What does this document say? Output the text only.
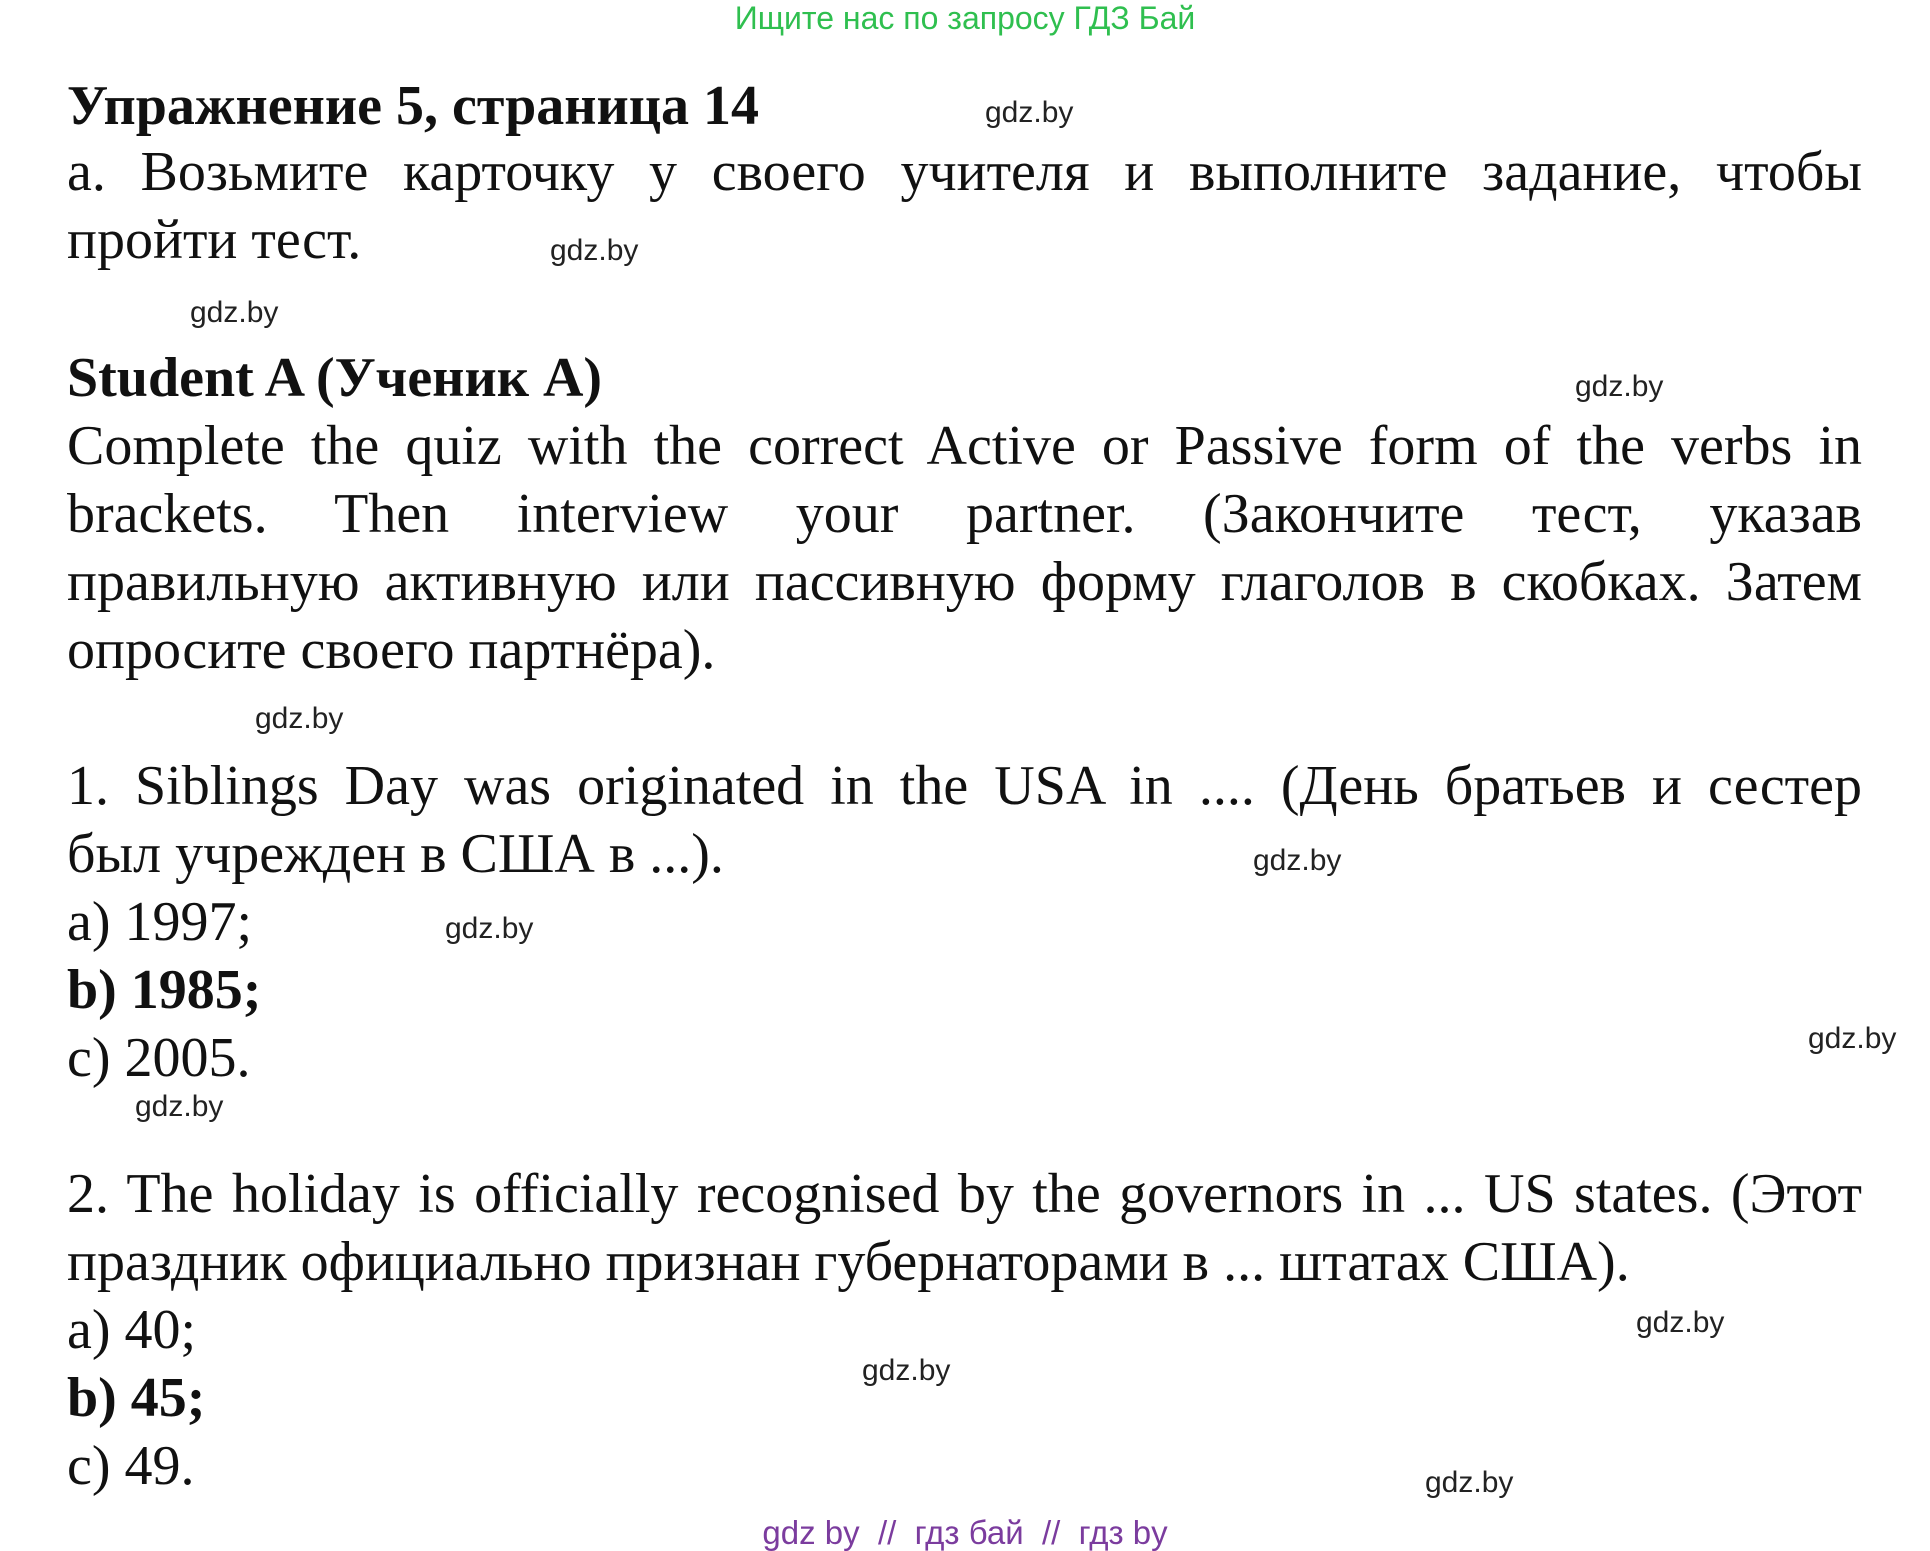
Ищите нас по запросу ГДЗ Бай
Упражнение 5, страница 14
а. Возьмите карточку у своего учителя и выполните задание, чтобы
пройти тест.
Student A (Ученик A)
Complete the quiz with the correct Active or Passive form of the verbs in
brackets. Then interview your partner. (Закончите тест, указав
правильную активную или пассивную форму глаголов в скобках. Затем
опросите своего партнёра).
1. Siblings Day was originated in the USA in .... (День братьев и сестер
был учрежден в США в ...).
a) 1997;
b) 1985;
c) 2005.
2. The holiday is officially recognised by the governors in ... US states. (Этот
праздник официально признан губернаторами в ... штатах США).
a) 40;
b) 45;
c) 49.
gdz.by
gdz.by
gdz.by
gdz.by
gdz.by
gdz.by
gdz.by
gdz.by
gdz.by
gdz.by
gdz.by
gdz.by
gdz by  //  гдз бай  //  гдз by
